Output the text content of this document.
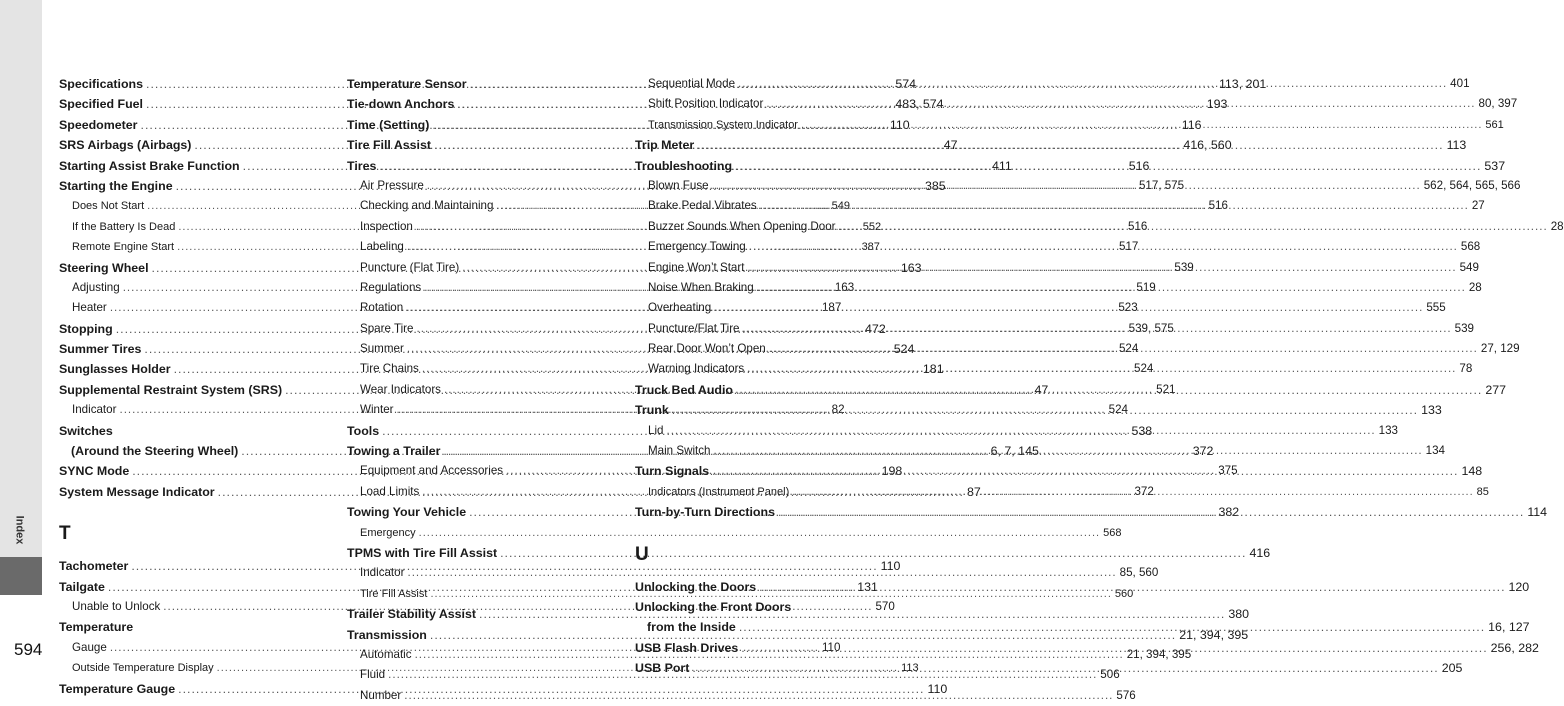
Index
594
Specifications .....	574
Specified Fuel .....	483, 574
Speedometer .....	110
SRS Airbags (Airbags) .....	47
Starting Assist Brake Function .....	411
Starting the Engine .....	385
Does Not Start .....	549
If the Battery Is Dead .....	552
Remote Engine Start .....	387
Steering Wheel .....	163
Adjusting .....	163
Heater .....	187
Stopping .....	472
Summer Tires .....	524
Sunglasses Holder .....	181
Supplemental Restraint System (SRS) .....	47
Indicator .....	82
Switches
(Around the Steering Wheel) .....	6, 7, 145
SYNC Mode .....	198
System Message Indicator .....	87
T
Tachometer .....	110
Tailgate .....	131
Unable to Unlock .....	570
Temperature
Gauge .....	110
Outside Temperature Display .....	113
Temperature Gauge .....	110
Temperature Sensor .....	113, 201
Tie-down Anchors .....	193
Time (Setting) .....	116
Tire Fill Assist .....	416, 560
Tires .....	516
Air Pressure .....	517, 575
Checking and Maintaining .....	516
Inspection .....	516
Labeling .....	517
Puncture (Flat Tire) .....	539
Regulations .....	519
Rotation .....	523
Spare Tire .....	539, 575
Summer .....	524
Tire Chains .....	524
Wear Indicators .....	521
Winter .....	524
Tools .....	538
Towing a Trailer .....	372
Equipment and Accessories .....	375
Load Limits .....	372
Towing Your Vehicle .....	382
Emergency .....	568
TPMS with Tire Fill Assist .....	416
Indicator .....	85, 560
Tire Fill Assist .....	560
Trailer Stability Assist .....	380
Transmission .....	21, 394, 395
Automatic .....	21, 394, 395
Fluid .....	506
Number .....	576
Sequential Mode .....	401
Shift Position Indicator .....	80, 397
Transmission System Indicator .....	561
Trip Meter .....	113
Troubleshooting .....	537
Blown Fuse .....	562, 564, 565, 566
Brake Pedal Vibrates .....	27
Buzzer Sounds When Opening Door .....	28
Emergency Towing .....	568
Engine Won’t Start .....	549
Noise When Braking .....	28
Overheating .....	555
Puncture/Flat Tire .....	539
Rear Door Won’t Open .....	27, 129
Warning Indicators .....	78
Truck Bed Audio .....	277
Trunk .....	133
Lid .....	133
Main Switch .....	134
Turn Signals .....	148
Indicators (Instrument Panel) .....	85
Turn-by-Turn Directions .....	114
U
Unlocking the Doors .....	120
Unlocking the Front Doors
from the Inside .....	16, 127
USB Flash Drives .....	256, 282
USB Port .....	205
